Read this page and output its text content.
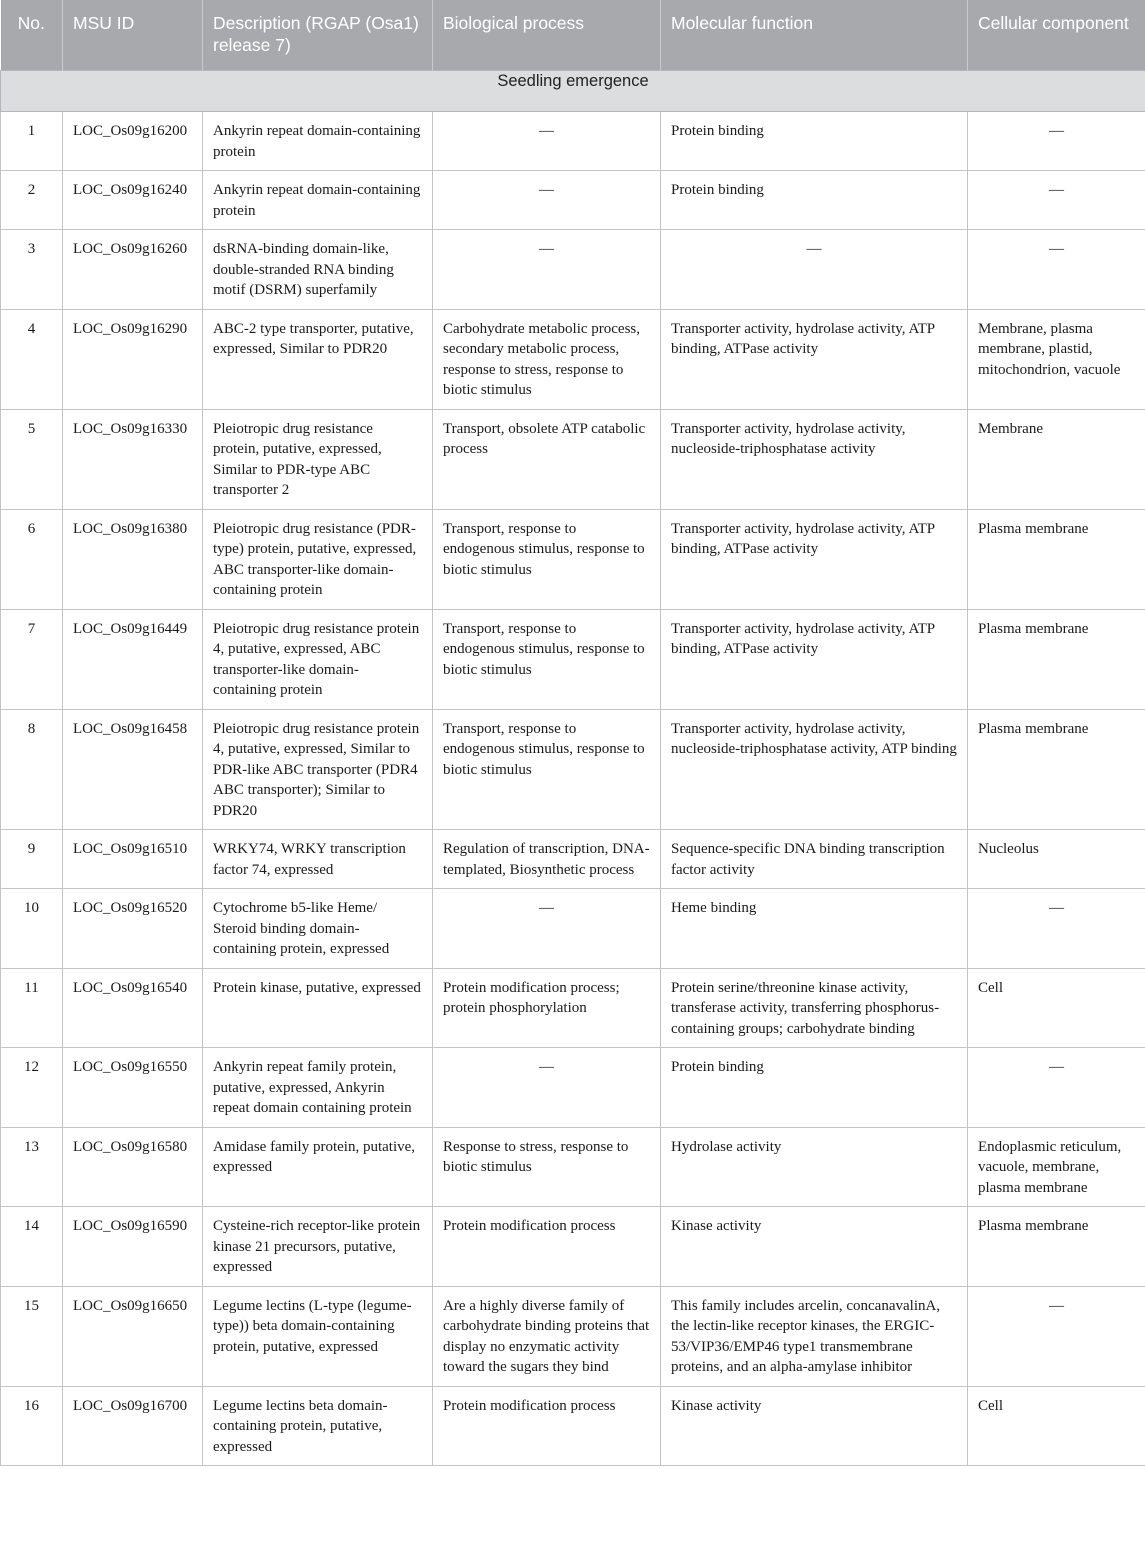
No.	MSU ID	Description (RGAP (Osa1) release 7)	Biological process	Molecular function	Cellular component
Seedling emergence					
1	LOC_Os09g16200	Ankyrin repeat domain-containing protein	—	Protein binding	—
2	LOC_Os09g16240	Ankyrin repeat domain-containing protein	—	Protein binding	—
3	LOC_Os09g16260	dsRNA-binding domain-like, double-stranded RNA binding motif (DSRM) superfamily	—	—	—
4	LOC_Os09g16290	ABC-2 type transporter, putative, expressed, Similar to PDR20	Carbohydrate metabolic process, secondary metabolic process, response to stress, response to biotic stimulus	Transporter activity, hydrolase activity, ATP binding, ATPase activity	Membrane, plasma membrane, plastid, mitochondrion, vacuole
5	LOC_Os09g16330	Pleiotropic drug resistance protein, putative, expressed, Similar to PDR-type ABC transporter 2	Transport, obsolete ATP catabolic process	Transporter activity, hydrolase activity, nucleoside-triphosphatase activity	Membrane
6	LOC_Os09g16380	Pleiotropic drug resistance (PDR-type) protein, putative, expressed, ABC transporter-like domain-containing protein	Transport, response to endogenous stimulus, response to biotic stimulus	Transporter activity, hydrolase activity, ATP binding, ATPase activity	Plasma membrane
7	LOC_Os09g16449	Pleiotropic drug resistance protein 4, putative, expressed, ABC transporter-like domain-containing protein	Transport, response to endogenous stimulus, response to biotic stimulus	Transporter activity, hydrolase activity, ATP binding, ATPase activity	Plasma membrane
8	LOC_Os09g16458	Pleiotropic drug resistance protein 4, putative, expressed, Similar to PDR-like ABC transporter (PDR4 ABC transporter); Similar to PDR20	Transport, response to endogenous stimulus, response to biotic stimulus	Transporter activity, hydrolase activity, nucleoside-triphosphatase activity, ATP binding	Plasma membrane
9	LOC_Os09g16510	WRKY74, WRKY transcription factor 74, expressed	Regulation of transcription, DNA-templated, Biosynthetic process	Sequence-specific DNA binding transcription factor activity	Nucleolus
10	LOC_Os09g16520	Cytochrome b5-like Heme/ Steroid binding domain-containing protein, expressed	—	Heme binding	—
11	LOC_Os09g16540	Protein kinase, putative, expressed	Protein modification process; protein phosphorylation	Protein serine/threonine kinase activity, transferase activity, transferring phosphorus-containing groups; carbohydrate binding	Cell
12	LOC_Os09g16550	Ankyrin repeat family protein, putative, expressed, Ankyrin repeat domain containing protein	—	Protein binding	—
13	LOC_Os09g16580	Amidase family protein, putative, expressed	Response to stress, response to biotic stimulus	Hydrolase activity	Endoplasmic reticulum, vacuole, membrane, plasma membrane
14	LOC_Os09g16590	Cysteine-rich receptor-like protein kinase 21 precursors, putative, expressed	Protein modification process	Kinase activity	Plasma membrane
15	LOC_Os09g16650	Legume lectins (L-type (legume-type)) beta domain-containing protein, putative, expressed	Are a highly diverse family of carbohydrate binding proteins that display no enzymatic activity toward the sugars they bind	This family includes arcelin, concanavalinA, the lectin-like receptor kinases, the ERGIC-53/VIP36/EMP46 type1 transmembrane proteins, and an alpha-amylase inhibitor	—
16	LOC_Os09g16700	Legume lectins beta domain-containing protein, putative, expressed	Protein modification process	Kinase activity	Cell
